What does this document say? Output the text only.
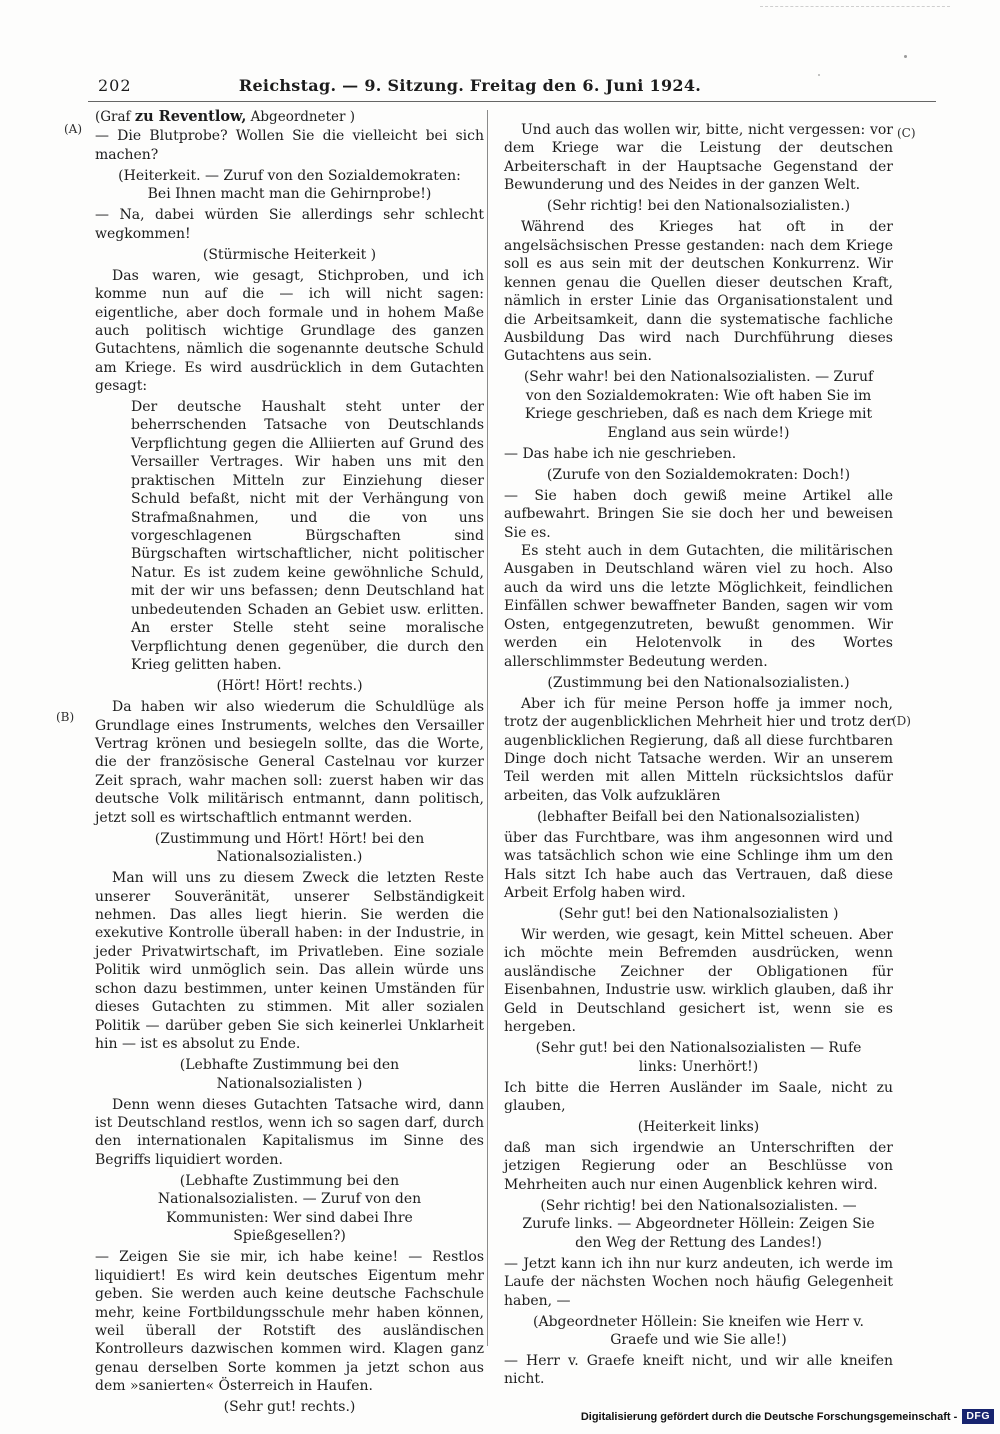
202	Reichstag. — 9. Sitzung. Freitag den 6. Juni 1924.
(A)
(B)
(C)
(D)

(Graf zu Reventlow, Abgeordneter )

— Die Blutprobe? Wollen Sie die vielleicht bei sich machen?

(Heiterkeit. — Zuruf von den Sozialdemokraten: Bei Ihnen macht man die Gehirnprobe!)

— Na, dabei würden Sie allerdings sehr schlecht wegkommen!

(Stürmische Heiterkeit )

Das waren, wie gesagt, Stichproben, und ich komme nun auf die — ich will nicht sagen: eigentliche, aber doch formale und in hohem Maße auch politisch wichtige Grundlage des ganzen Gutachtens, nämlich die sogenannte deutsche Schuld am Kriege. Es wird ausdrücklich in dem Gutachten gesagt:

Der deutsche Haushalt steht unter der beherrschenden Tatsache von Deutschlands Verpflichtung gegen die Alliierten auf Grund des Versailler Vertrages. Wir haben uns mit den praktischen Mitteln zur Einziehung dieser Schuld befaßt, nicht mit der Verhängung von Strafmaßnahmen, und die von uns vorgeschlagenen Bürgschaften sind Bürgschaften wirtschaftlicher, nicht politischer Natur. Es ist zudem keine gewöhnliche Schuld, mit der wir uns befassen; denn Deutschland hat unbedeutenden Schaden an Gebiet usw. erlitten. An erster Stelle steht seine moralische Verpflichtung denen gegenüber, die durch den Krieg gelitten haben.

(Hört! Hört! rechts.)

Da haben wir also wiederum die Schuldlüge als Grundlage eines Instruments, welches den Versailler Vertrag krönen und besiegeln sollte, das die Worte, die der französische General Castelnau vor kurzer Zeit sprach, wahr machen soll: zuerst haben wir das deutsche Volk militärisch entmannt, dann politisch, jetzt soll es wirtschaftlich entmannt werden.

(Zustimmung und Hört! Hört! bei den Nationalsozialisten.)

Man will uns zu diesem Zweck die letzten Reste unserer Souveränität, unserer Selbständigkeit nehmen. Das alles liegt hierin. Sie werden die exekutive Kontrolle überall haben: in der Industrie, in jeder Privatwirtschaft, im Privatleben. Eine soziale Politik wird unmöglich sein. Das allein würde uns schon dazu bestimmen, unter keinen Umständen für dieses Gutachten zu stimmen. Mit aller sozialen Politik — darüber geben Sie sich keinerlei Unklarheit hin — ist es absolut zu Ende.

(Lebhafte Zustimmung bei den Nationalsozialisten )

Denn wenn dieses Gutachten Tatsache wird, dann ist Deutschland restlos, wenn ich so sagen darf, durch den internationalen Kapitalismus im Sinne des Begriffs liquidiert worden.

(Lebhafte Zustimmung bei den Nationalsozialisten. — Zuruf von den Kommunisten: Wer sind dabei Ihre Spießgesellen?)

— Zeigen Sie sie mir, ich habe keine! — Restlos liquidiert! Es wird kein deutsches Eigentum mehr geben. Sie werden auch keine deutsche Fachschule mehr, keine Fortbildungsschule mehr haben können, weil überall der Rotstift des ausländischen Kontrolleurs dazwischen kommen wird. Klagen ganz genau derselben Sorte kommen ja jetzt schon aus dem »sanierten« Österreich in Haufen.

(Sehr gut! rechts.)

Und auch das wollen wir, bitte, nicht vergessen: vor dem Kriege war die Leistung der deutschen Arbeiterschaft in der Hauptsache Gegenstand der Bewunderung und des Neides in der ganzen Welt.

(Sehr richtig! bei den Nationalsozialisten.)

Während des Krieges hat oft in der angelsächsischen Presse gestanden: nach dem Kriege soll es aus sein mit der deutschen Konkurrenz. Wir kennen genau die Quellen dieser deutschen Kraft, nämlich in erster Linie das Organisationstalent und die Arbeitsamkeit, dann die systematische fachliche Ausbildung Das wird nach Durchführung dieses Gutachtens aus sein.

(Sehr wahr! bei den Nationalsozialisten. — Zuruf von den Sozialdemokraten: Wie oft haben Sie im Kriege geschrieben, daß es nach dem Kriege mit England aus sein würde!)

— Das habe ich nie geschrieben.

(Zurufe von den Sozialdemokraten: Doch!)

— Sie haben doch gewiß meine Artikel alle aufbewahrt. Bringen Sie sie doch her und beweisen Sie es.

Es steht auch in dem Gutachten, die militärischen Ausgaben in Deutschland wären viel zu hoch. Also auch da wird uns die letzte Möglichkeit, feindlichen Einfällen schwer bewaffneter Banden, sagen wir vom Osten, entgegenzutreten, bewußt genommen. Wir werden ein Helotenvolk in des Wortes allerschlimmster Bedeutung werden.

(Zustimmung bei den Nationalsozialisten.)

Aber ich für meine Person hoffe ja immer noch, trotz der augenblicklichen Mehrheit hier und trotz der augenblicklichen Regierung, daß all diese furchtbaren Dinge doch nicht Tatsache werden. Wir an unserem Teil werden mit allen Mitteln rücksichtslos dafür arbeiten, das Volk aufzuklären

(lebhafter Beifall bei den Nationalsozialisten)

über das Furchtbare, was ihm angesonnen wird und was tatsächlich schon wie eine Schlinge ihm um den Hals sitzt Ich habe auch das Vertrauen, daß diese Arbeit Erfolg haben wird.

(Sehr gut! bei den Nationalsozialisten )

Wir werden, wie gesagt, kein Mittel scheuen. Aber ich möchte mein Befremden ausdrücken, wenn ausländische Zeichner der Obligationen für Eisenbahnen, Industrie usw. wirklich glauben, daß ihr Geld in Deutschland gesichert ist, wenn sie es hergeben.

(Sehr gut! bei den Nationalsozialisten — Rufe links: Unerhört!)

Ich bitte die Herren Ausländer im Saale, nicht zu glauben,

(Heiterkeit links)

daß man sich irgendwie an Unterschriften der jetzigen Regierung oder an Beschlüsse von Mehrheiten auch nur einen Augenblick kehren wird.

(Sehr richtig! bei den Nationalsozialisten. — Zurufe links. — Abgeordneter Höllein: Zeigen Sie den Weg der Rettung des Landes!)

— Jetzt kann ich ihn nur kurz andeuten, ich werde im Laufe der nächsten Wochen noch häufig Gelegenheit haben, —

(Abgeordneter Höllein: Sie kneifen wie Herr v. Graefe und wie Sie alle!)

— Herr v. Graefe kneift nicht, und wir alle kneifen nicht.

Digitalisierung gefördert durch die Deutsche Forschungsgemeinschaft - DFG
